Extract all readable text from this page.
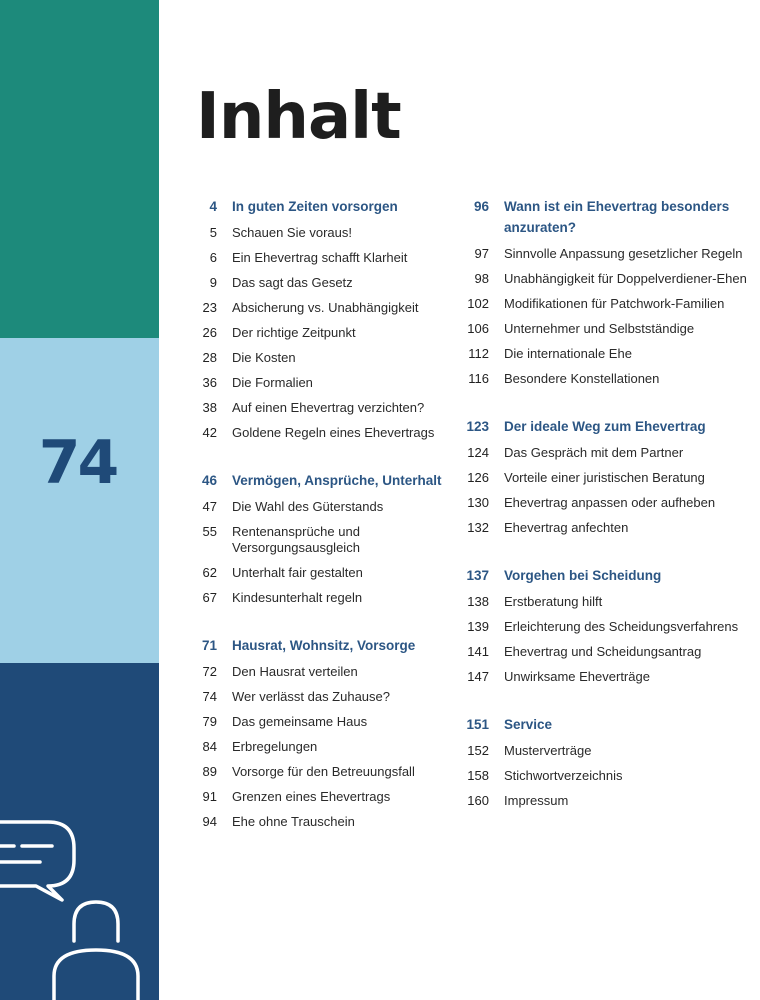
74
Inhalt
4	In guten Zeiten vorsorgen
5	Schauen Sie voraus!
6	Ein Ehevertrag schafft Klarheit
9	Das sagt das Gesetz
23	Absicherung vs. Unabhängigkeit
26	Der richtige Zeitpunkt
28	Die Kosten
36	Die Formalien
38	Auf einen Ehevertrag verzichten?
42	Goldene Regeln eines Ehevertrags
46	Vermögen, Ansprüche, Unterhalt
47	Die Wahl des Güterstands
55	Rentenansprüche und Versorgungsausgleich
62	Unterhalt fair gestalten
67	Kindesunterhalt regeln
71	Hausrat, Wohnsitz, Vorsorge
72	Den Hausrat verteilen
74	Wer verlässt das Zuhause?
79	Das gemeinsame Haus
84	Erbregelungen
89	Vorsorge für den Betreuungsfall
91	Grenzen eines Ehevertrags
94	Ehe ohne Trauschein
96	Wann ist ein Ehevertrag besonders anzuraten?
97	Sinnvolle Anpassung gesetzlicher Regeln
98	Unabhängigkeit für Doppelverdiener-Ehen
102	Modifikationen für Patchwork-Familien
106	Unternehmer und Selbstständige
112	Die internationale Ehe
116	Besondere Konstellationen
123	Der ideale Weg zum Ehevertrag
124	Das Gespräch mit dem Partner
126	Vorteile einer juristischen Beratung
130	Ehevertrag anpassen oder aufheben
132	Ehevertrag anfechten
137	Vorgehen bei Scheidung
138	Erstberatung hilft
139	Erleichterung des Scheidungsverfahrens
141	Ehevertrag und Scheidungsantrag
147	Unwirksame Eheverträge
151	Service
152	Musterverträge
158	Stichwortverzeichnis
160	Impressum
